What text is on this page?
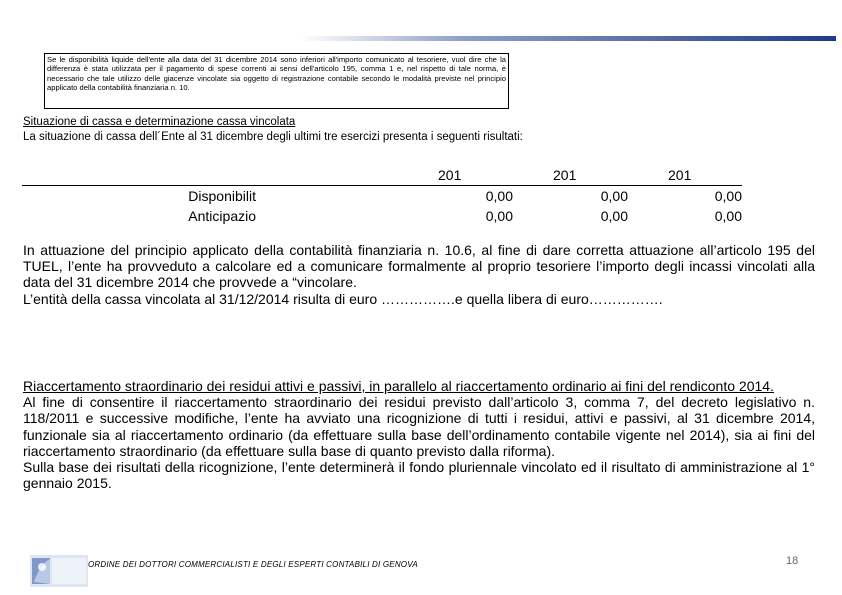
Se le disponibilità liquide dell'ente alla data del 31 dicembre 2014 sono inferiori all'importo comunicato al tesoriere, vuol dire che la differenza è stata utilizzata per il pagamento di spese correnti ai sensi dell'articolo 195, comma 1 e, nel rispetto di tale norma, è necessario che tale utilizzo delle giacenze vincolate sia oggetto di registrazione contabile secondo le modalità previste nel principio applicato della contabilità finanziaria n. 10.
Situazione di cassa e determinazione cassa vincolata
La situazione di cassa dell´Ente al 31 dicembre degli ultimi tre esercizi presenta i seguenti risultati:
	201	201	201
Disponibilit	0,00	0,00	0,00
Anticipazio	0,00	0,00	0,00
In attuazione del principio applicato della contabilità finanziaria n. 10.6, al fine di dare corretta attuazione all’articolo 195 del TUEL, l’ente ha provveduto a calcolare ed a comunicare formalmente al proprio tesoriere l’importo degli incassi vincolati alla data del 31 dicembre 2014 che provvede a “vincolare.
L’entità della cassa vincolata al 31/12/2014 risulta di euro …………….e quella libera di euro…………….
Riaccertamento straordinario dei residui attivi e passivi, in parallelo al riaccertamento ordinario ai fini del rendiconto 2014.
Al fine di consentire il riaccertamento straordinario dei residui previsto dall’articolo 3, comma 7, del decreto legislativo n. 118/2011 e successive modifiche, l’ente ha avviato una ricognizione di tutti i residui, attivi e passivi, al 31 dicembre 2014, funzionale sia al riaccertamento ordinario (da effettuare sulla base dell’ordinamento contabile vigente nel 2014), sia ai fini del riaccertamento straordinario (da effettuare sulla base di quanto previsto dalla riforma).
Sulla base dei risultati della ricognizione, l’ente determinerà il fondo pluriennale vincolato ed il risultato di amministrazione al 1° gennaio 2015.
ORDINE DEI DOTTORI COMMERCIALISTI E DEGLI ESPERTI CONTABILI DI GENOVA	18
